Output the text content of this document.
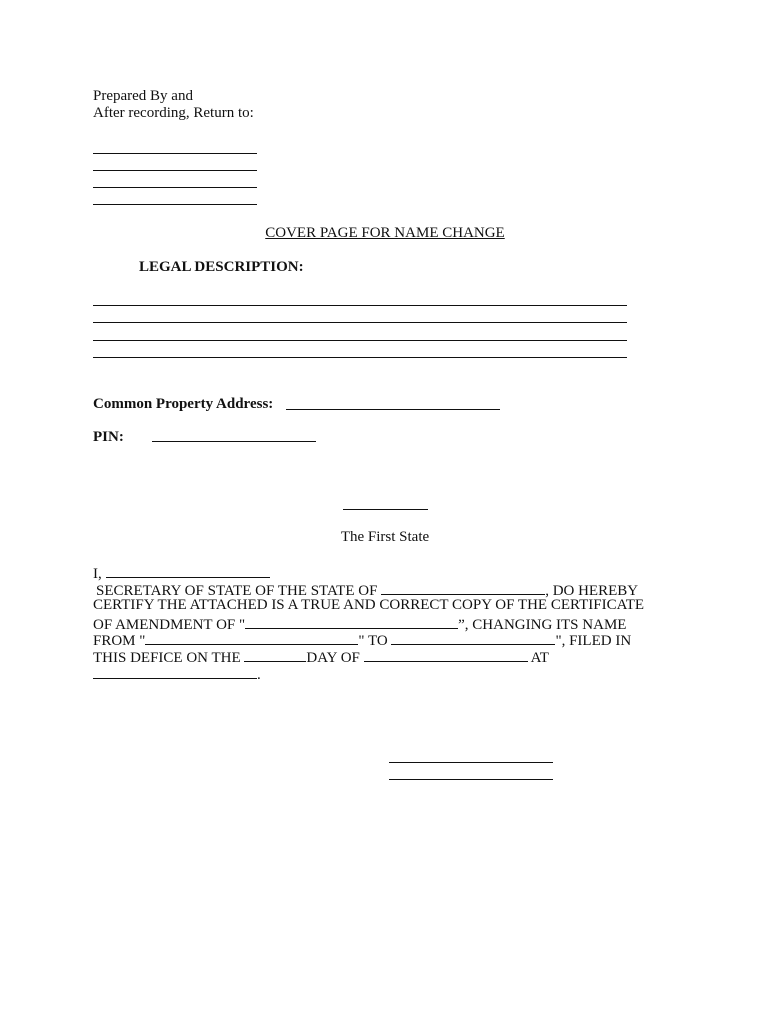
Prepared By and
After recording, Return to:
COVER PAGE FOR NAME CHANGE
LEGAL DESCRIPTION:
Common Property Address:
PIN:
The First State
I,
SECRETARY OF STATE OF THE STATE OF	, DO HEREBY
CERTIFY THE ATTACHED IS A TRUE AND CORRECT COPY OF THE CERTIFICATE
OF AMENDMENT OF "	”, CHANGING ITS NAME
FROM "	" TO	", FILED IN
THIS DEFICE ON THE	DAY OF	AT
.
